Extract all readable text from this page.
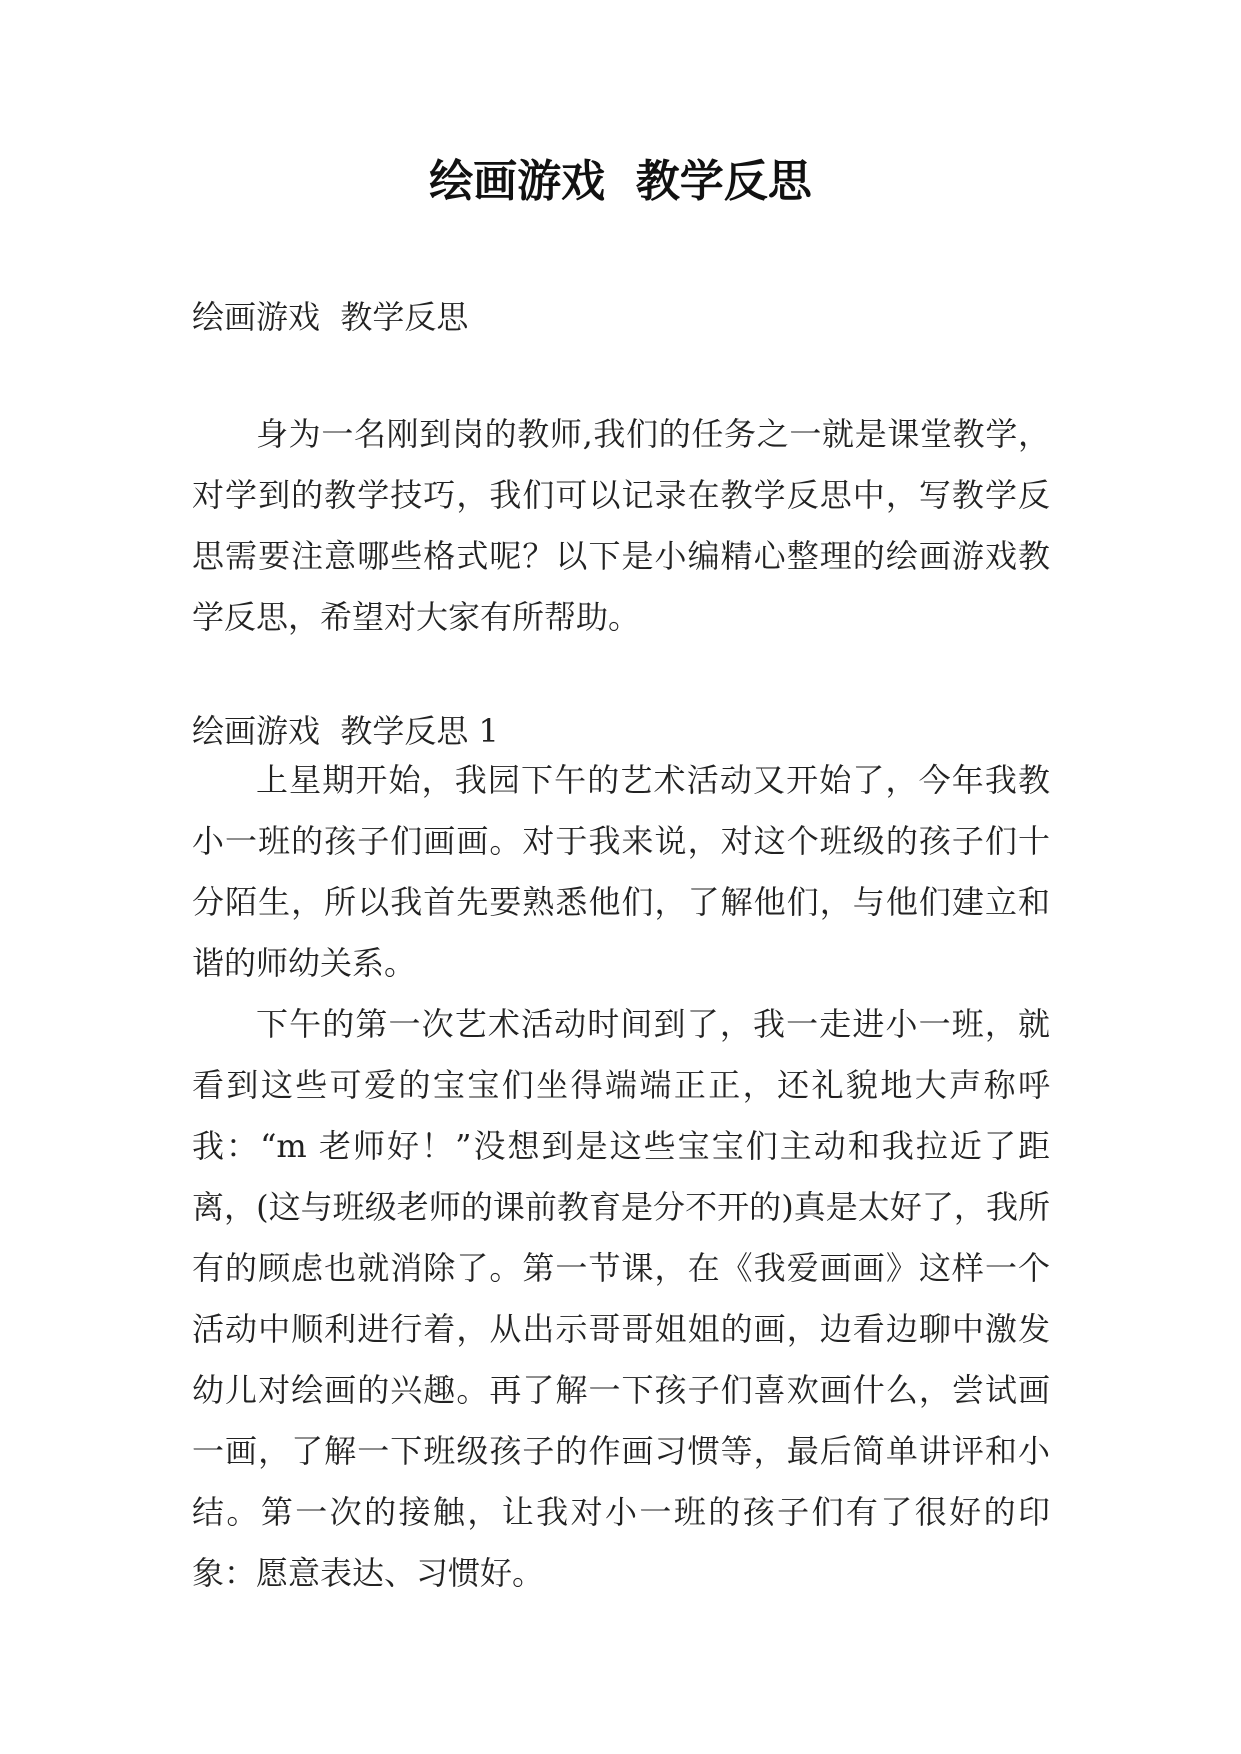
绘画游戏  教学反思
绘画游戏  教学反思

身为一名刚到岗的教师,我们的任务之一就是课堂教学，对学到的教学技巧，我们可以记录在教学反思中，写教学反思需要注意哪些格式呢？以下是小编精心整理的绘画游戏教学反思，希望对大家有所帮助。

绘画游戏  教学反思 1

上星期开始，我园下午的艺术活动又开始了，今年我教小一班的孩子们画画。对于我来说，对这个班级的孩子们十分陌生，所以我首先要熟悉他们，了解他们，与他们建立和谐的师幼关系。

下午的第一次艺术活动时间到了，我一走进小一班，就看到这些可爱的宝宝们坐得端端正正，还礼貌地大声称呼我：“m 老师好！”没想到是这些宝宝们主动和我拉近了距离，(这与班级老师的课前教育是分不开的)真是太好了，我所有的顾虑也就消除了。第一节课，在《我爱画画》这样一个活动中顺利进行着，从出示哥哥姐姐的画，边看边聊中激发幼儿对绘画的兴趣。再了解一下孩子们喜欢画什么，尝试画一画，了解一下班级孩子的作画习惯等，最后简单讲评和小结。第一次的接触，让我对小一班的孩子们有了很好的印象：愿意表达、习惯好。
